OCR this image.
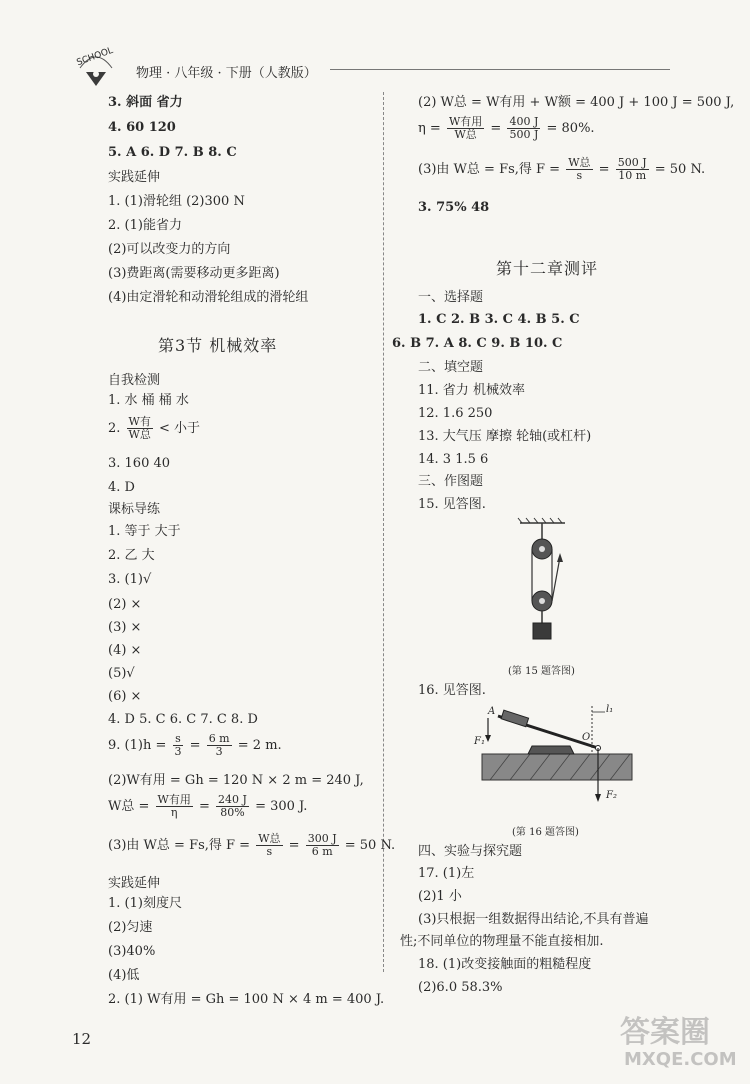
SCHOOL
物理 · 八年级 · 下册（人教版）
3. 斜面 省力
4. 60 120
5. A 6. D 7. B 8. C
实践延伸
1. (1)滑轮组 (2)300 N
2. (1)能省力
(2)可以改变力的方向
(3)费距离(需要移动更多距离)
(4)由定滑轮和动滑轮组成的滑轮组
第3节 机械效率
自我检测
1. 水 桶 桶 水
2. $\frac{\text{W有}}{\text{W总}}$ < 小于
3. 160 40
4. D
课标导练
1. 等于 大于
2. 乙 大
3. (1)√
(2) ×
(3) ×
(4) ×
(5)√
(6) ×
4. D 5. C 6. C 7. C 8. D
9. $(1)h = \frac{s}{3} = \frac{6 m}{3} = 2$ m.
(2)W有用 = Gh = 120 N × 2 m = 240 J,
W总 = $\frac{\text{W有用}}{\eta} = \frac{240 J}{80\%} = 300$ J.
(3)由 W总 = Fs,得 $F = \frac{\text{W总}}{s} = \frac{300 J}{6 m} = 50$ N.
实践延伸
1. (1)刻度尺
(2)匀速
(3)40%
(4)低
2. (1) W有用 = Gh = 100 N × 4 m = 400 J.
12
(2) W总 = W有用 + W额 = 400 J + 100 J = 500 J,
$\eta = \frac{\text{W有用}}{\text{W总}} = \frac{400 J}{500 J} = 80\%$.
(3)由 W总 = Fs,得 $F = \frac{\text{W总}}{s} = \frac{500 J}{10 m} = 50$ N.
3. 75% 48
第十二章测评
一、选择题
1. C 2. B 3. C 4. B 5. C
6. B 7. A 8. C 9. B 10. C
二、填空题
11. 省力 机械效率
12. 1.6 250
13. 大气压 摩擦 轮轴(或杠杆)
14. 3 1.5 6
三、作图题
15. 见答图.
(第 15 题答图)
16. 见答图.
A
O
l₁
F₁
F₂
(第 16 题答图)
四、实验与探究题
17. (1)左
(2)1 小
(3)只根据一组数据得出结论,不具有普遍
性;不同单位的物理量不能直接相加.
18. (1)改变接触面的粗糙程度
(2)6.0 58.3%
答案圈
MXQE.COM
